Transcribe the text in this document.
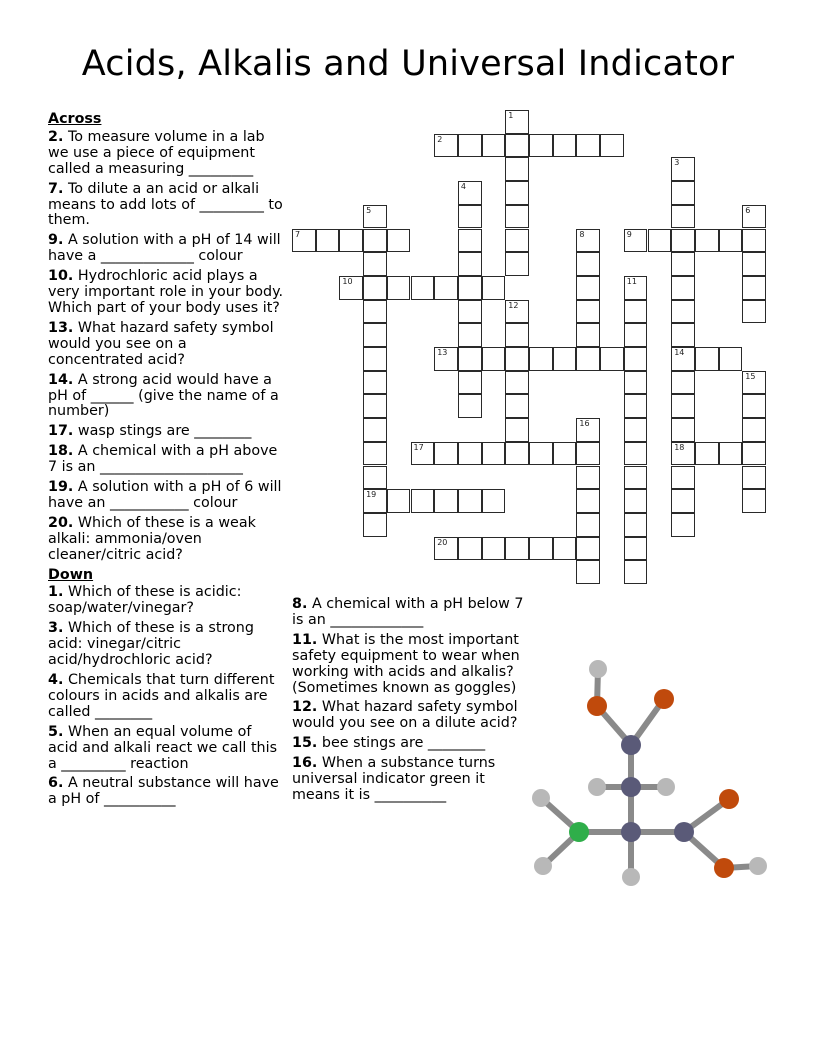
Acids, Alkalis and Universal Indicator
Across
2. To measure volume in a lab we use a piece of equipment called a measuring _________
7. To dilute a an acid or alkali means to add lots of _________ to them.
9. A solution with a pH of 14 will have a _____________ colour
10. Hydrochloric acid plays a very important role in your body. Which part of your body uses it?
13. What hazard safety symbol would you see on a concentrated acid?
14. A strong acid would have a pH of ______ (give the name of a number)
17. wasp stings are ________
18. A chemical with a pH above 7 is an ____________________
19. A solution with a pH of 6 will have an ___________ colour
20. Which of these is a weak alkali: ammonia/oven cleaner/citric acid?
Down
1. Which of these is acidic: soap/water/vinegar?
3. Which of these is a strong acid: vinegar/citric acid/hydrochloric acid?
4. Chemicals that turn different colours in acids and alkalis are called ________
5. When an equal volume of acid and alkali react we call this a _________ reaction
6. A neutral substance will have a pH of __________
8. A chemical with a pH below 7 is an _____________
11. What is the most important safety equipment to wear when working with acids and alkalis? (Sometimes known as goggles)
12. What hazard safety symbol would you see on a dilute acid?
15. bee stings are ________
16. When a substance turns universal indicator green it means it is __________
1
2
3
14
18
4
5
19
6
7	8	9
10	11
12
13
15
16
17
20
